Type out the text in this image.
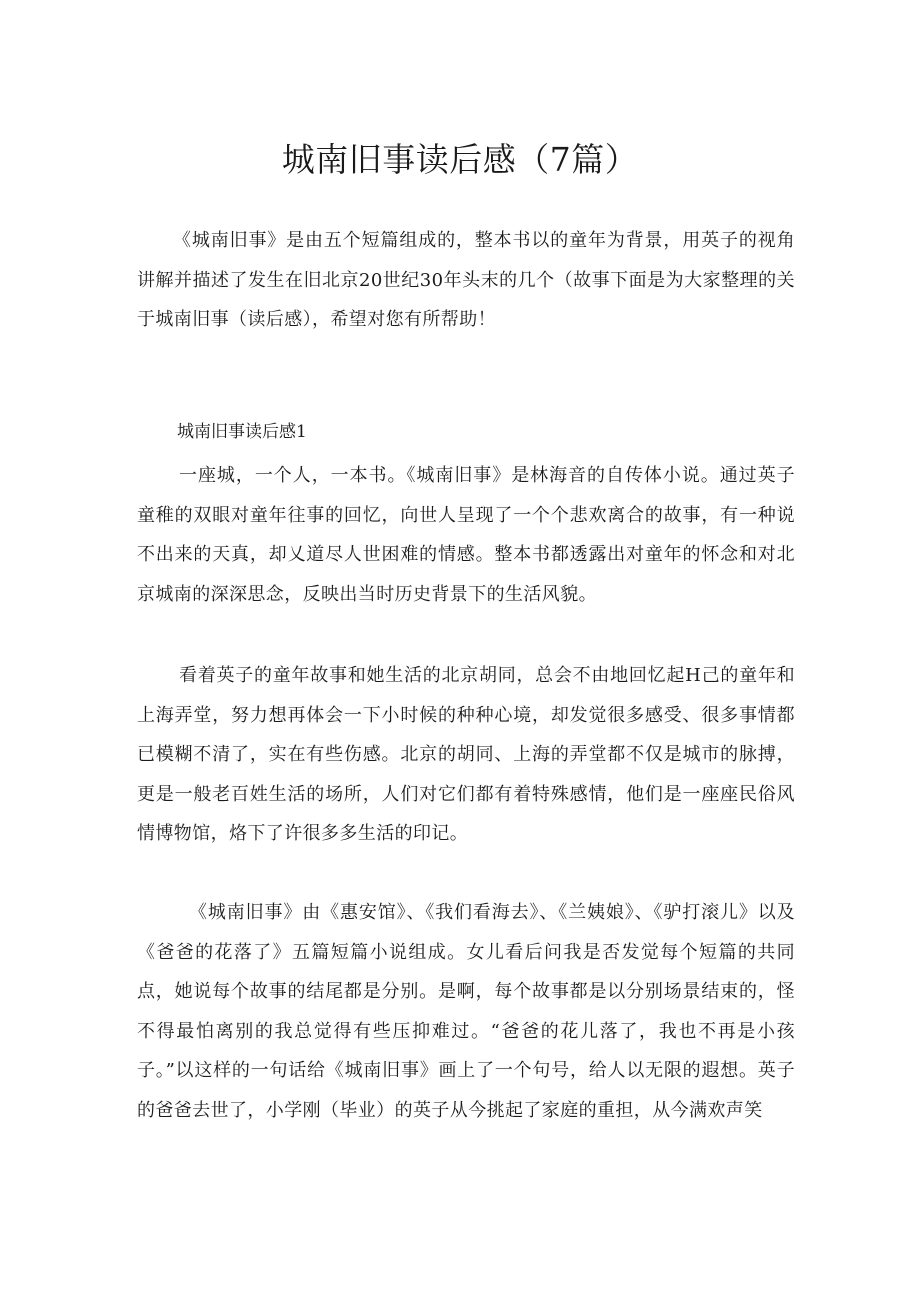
城南旧事读后感（7篇）

《城南旧事》是由五个短篇组成的，整本书以的童年为背景，用英子的视角讲解并描述了发生在旧北京20世纪30年头末的几个（故事下面是为大家整理的关于城南旧事（读后感），希望对您有所帮助！

城南旧事读后感1

一座城，一个人，一本书。《城南旧事》是林海音的自传体小说。通过英子童稚的双眼对童年往事的回忆，向世人呈现了一个个悲欢离合的故事，有一种说不出来的天真，却乂道尽人世困难的情感。整本书都透露出对童年的怀念和对北京城南的深深思念，反映出当时历史背景下的生活风貌。

看着英子的童年故事和她生活的北京胡同，总会不由地回忆起H己的童年和上海弄堂，努力想再体会一下小时候的种种心境，却发觉很多感受、很多事情都已模糊不清了，实在有些伤感。北京的胡同、上海的弄堂都不仅是城市的脉搏，更是一般老百姓生活的场所，人们对它们都有着特殊感情，他们是一座座民俗风情博物馆，烙下了许很多多生活的印记。

《城南旧事》由《惠安馆》、《我们看海去》、《兰姨娘》、《驴打滚儿》以及《爸爸的花落了》五篇短篇小说组成。女儿看后问我是否发觉每个短篇的共同点，她说每个故事的结尾都是分别。是啊，每个故事都是以分别场景结束的，怪不得最怕离别的我总觉得有些压抑难过。“爸爸的花儿落了，我也不再是小孩子。”以这样的一句话给《城南旧事》画上了一个句号，给人以无限的遐想。英子的爸爸去世了，小学刚（毕业）的英子从今挑起了家庭的重担，从今满欢声笑
